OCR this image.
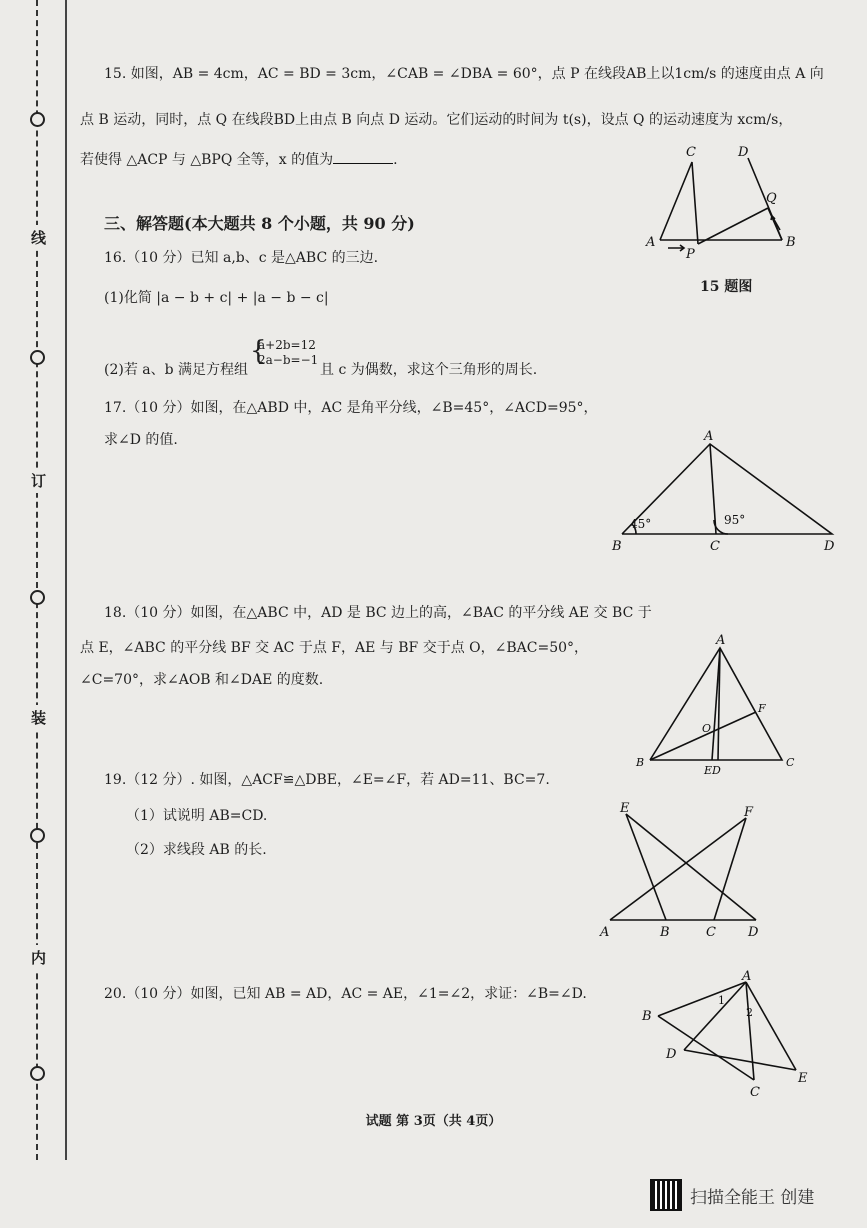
线
订
装
内
15. 如图，AB = 4cm，AC = BD = 3cm，∠CAB = ∠DBA = 60°，点 P 在线段AB上以1cm/s 的速度由点 A 向
点 B 运动，同时，点 Q 在线段BD上由点 B 向点 D 运动。它们运动的时间为 t(s)，设点 Q 的运动速度为 xcm/s，
若使得 △ACP 与 △BPQ 全等，x 的值为	.	C	D
Q
A
P
B
15 题图
三、解答题(本大题共 8 个小题，共 90 分)
16.（10 分）已知 a,b、c 是△ABC 的三边.
(1)化简 |a − b + c| + |a − b − c|
{
a+2b=12
2a−b=−1
(2)若 a、b 满足方程组	且 c 为偶数，求这个三角形的周长.
17.（10 分）如图，在△ABD 中，AC 是角平分线，∠B=45°，∠ACD=95°，
求∠D 的值.	A
B	C	D
45°	95°
18.（10 分）如图，在△ABC 中，AD 是 BC 边上的高，∠BAC 的平分线 AE 交 BC 于
点 E，∠ABC 的平分线 BF 交 AC 于点 F，AE 与 BF 交于点 O，∠BAC=50°，
∠C=70°，求∠AOB 和∠DAE 的度数.
A
B	C
ED
F
O
19.（12 分）. 如图，△ACF≌△DBE，∠E=∠F，若 AD=11、BC=7.
（1）试说明 AB=CD.
（2）求线段 AB 的长.
E	F
A	B	C D
20.（10 分）如图，已知 AB = AD，AC = AE，∠1=∠2，求证：∠B=∠D.
A
B
C
D
E
1
2
试题 第 3页（共 4页）
扫描全能王 创建
